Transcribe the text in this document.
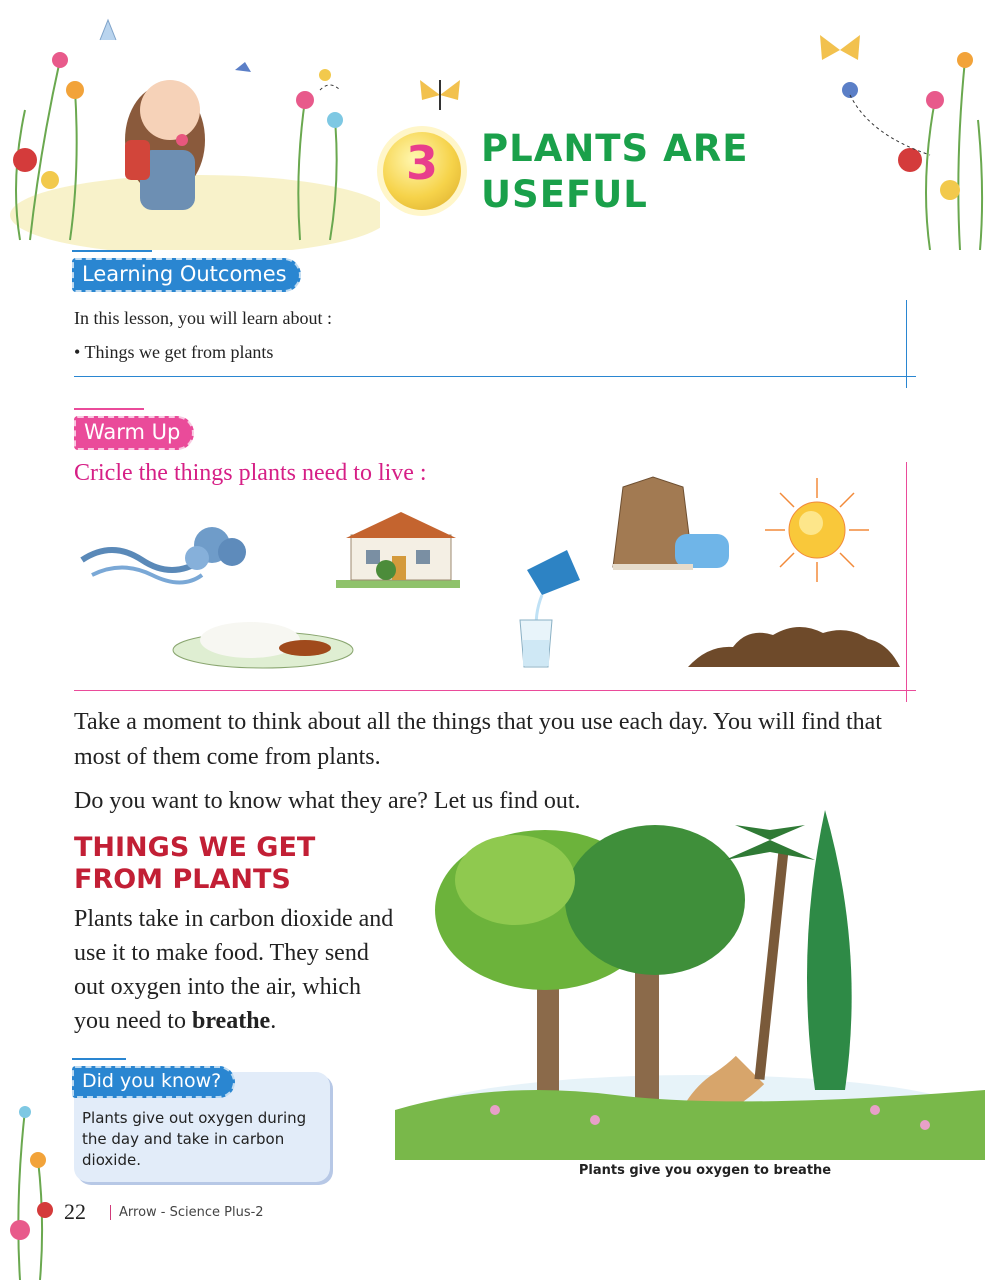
3	PLANTS ARE USEFUL
Learning Outcomes
In this lesson, you will learn about :
• Things we get from plants
Warm Up
Cricle the things plants need to live :
Take a moment to think about all the things that you use each day. You will find that most of them come from plants.
Do you want to know what they are? Let us find out.
THINGS WE GET FROM PLANTS
Plants take in carbon dioxide and use it to make food. They send out oxygen into the air, which you need to breathe.
Plants give you oxygen to breathe
Did you know?
Plants give out oxygen during the day and take in carbon dioxide.
22	Arrow - Science Plus-2
